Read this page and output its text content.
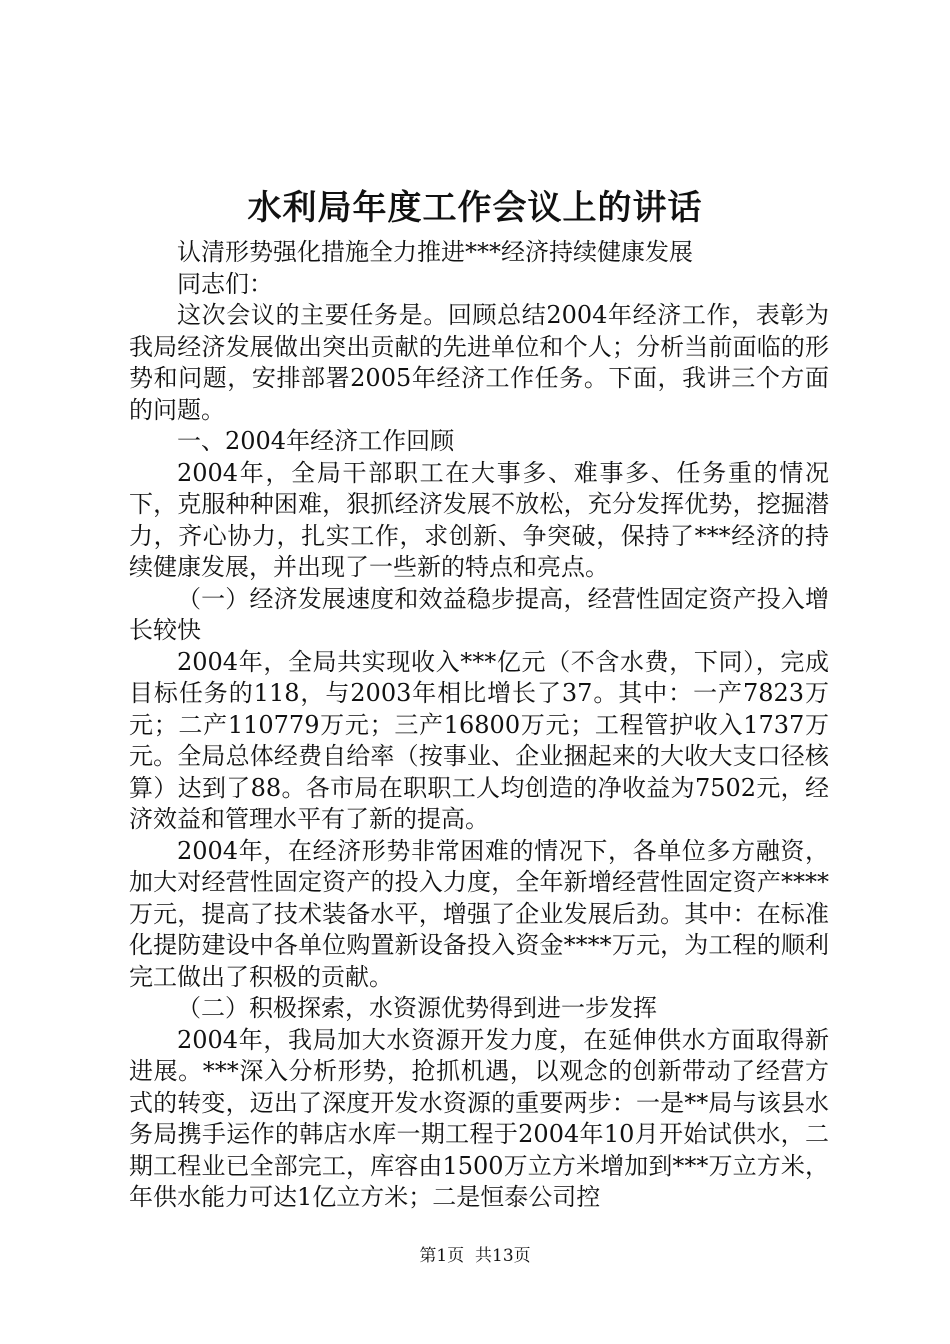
水利局年度工作会议上的讲话

认清形势强化措施全力推进***经济持续健康发展

同志们：

这次会议的主要任务是。回顾总结2004年经济工作，表彰为我局经济发展做出突出贡献的先进单位和个人；分析当前面临的形势和问题，安排部署2005年经济工作任务。下面，我讲三个方面的问题。

一、2004年经济工作回顾

2004年，全局干部职工在大事多、难事多、任务重的情况下，克服种种困难，狠抓经济发展不放松，充分发挥优势，挖掘潜力，齐心协力，扎实工作，求创新、争突破，保持了***经济的持续健康发展，并出现了一些新的特点和亮点。

（一）经济发展速度和效益稳步提高，经营性固定资产投入增长较快

2004年，全局共实现收入***亿元（不含水费，下同），完成目标任务的118，与2003年相比增长了37。其中：一产7823万元；二产110779万元；三产16800万元；工程管护收入1737万元。全局总体经费自给率（按事业、企业捆起来的大收大支口径核算）达到了88。各市局在职职工人均创造的净收益为7502元，经济效益和管理水平有了新的提高。

2004年，在经济形势非常困难的情况下，各单位多方融资，加大对经营性固定资产的投入力度，全年新增经营性固定资产****万元，提高了技术装备水平，增强了企业发展后劲。其中：在标准化提防建设中各单位购置新设备投入资金****万元，为工程的顺利完工做出了积极的贡献。

（二）积极探索，水资源优势得到进一步发挥

2004年，我局加大水资源开发力度，在延伸供水方面取得新进展。***深入分析形势，抢抓机遇，以观念的创新带动了经营方式的转变，迈出了深度开发水资源的重要两步：一是**局与该县水务局携手运作的韩店水库一期工程于2004年10月开始试供水，二期工程业已全部完工，库容由1500万立方米增加到***万立方米，年供水能力可达1亿立方米；二是恒泰公司控

第1页 共13页
